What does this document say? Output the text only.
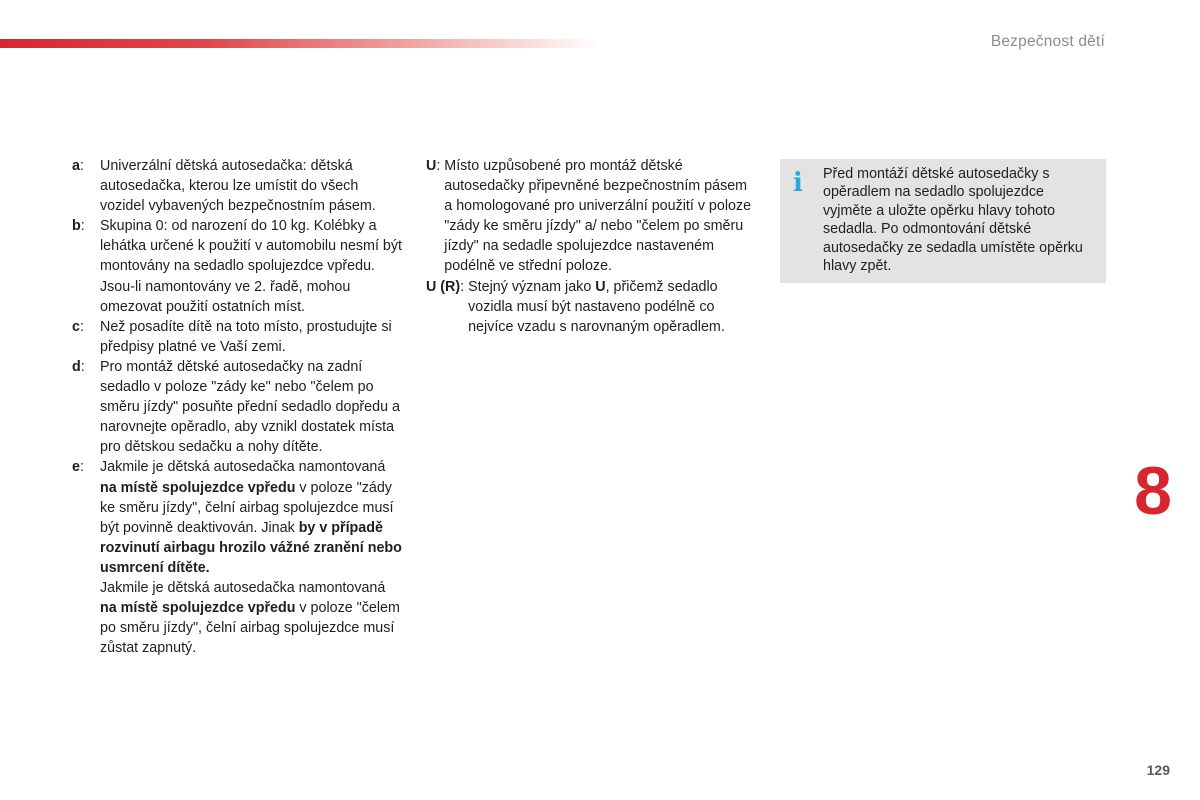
Bezpečnost dětí
a:	Univerzální dětská autosedačka: dětská autosedačka, kterou lze umístit do všech vozidel vybavených bezpečnostním pásem.

b:	Skupina 0: od narození do 10 kg. Kolébky a lehátka určené k použití v automobilu nesmí být montovány na sedadlo spolujezdce vpředu.

Jsou-li namontovány ve 2. řadě, mohou omezovat použití ostatních míst.

c:	Než posadíte dítě na toto místo, prostudujte si předpisy platné ve Vaší zemi.

d:	Pro montáž dětské autosedačky na zadní sedadlo v poloze "zády ke" nebo "čelem po směru jízdy" posuňte přední sedadlo dopředu a narovnejte opěradlo, aby vznikl dostatek místa pro dětskou sedačku a nohy dítěte.

e:	Jakmile je dětská autosedačka namontovaná na místě spolujezdce vpředu v poloze "zády ke směru jízdy", čelní airbag spolujezdce musí být povinně deaktivován. Jinak by v případě rozvinutí airbagu hrozilo vážné zranění nebo usmrcení dítěte.

Jakmile je dětská autosedačka namontovaná na místě spolujezdce vpředu v poloze "čelem po směru jízdy", čelní airbag spolujezdce musí zůstat zapnutý.

U: Místo uzpůsobené pro montáž dětské autosedačky připevněné bezpečnostním pásem a homologované pro univerzální použití v poloze "zády ke směru jízdy" a/ nebo "čelem po směru jízdy" na sedadle spolujezdce nastaveném podélně ve střední poloze.

U (R): Stejný význam jako U, přičemž sedadlo vozidla musí být nastaveno podélně co nejvíce vzadu s narovnaným opěradlem.

i Před montáží dětské autosedačky s opěradlem na sedadlo spolujezdce vyjměte a uložte opěrku hlavy tohoto sedadla. Po odmontování dětské autosedačky ze sedadla umístěte opěrku hlavy zpět.
8
129
